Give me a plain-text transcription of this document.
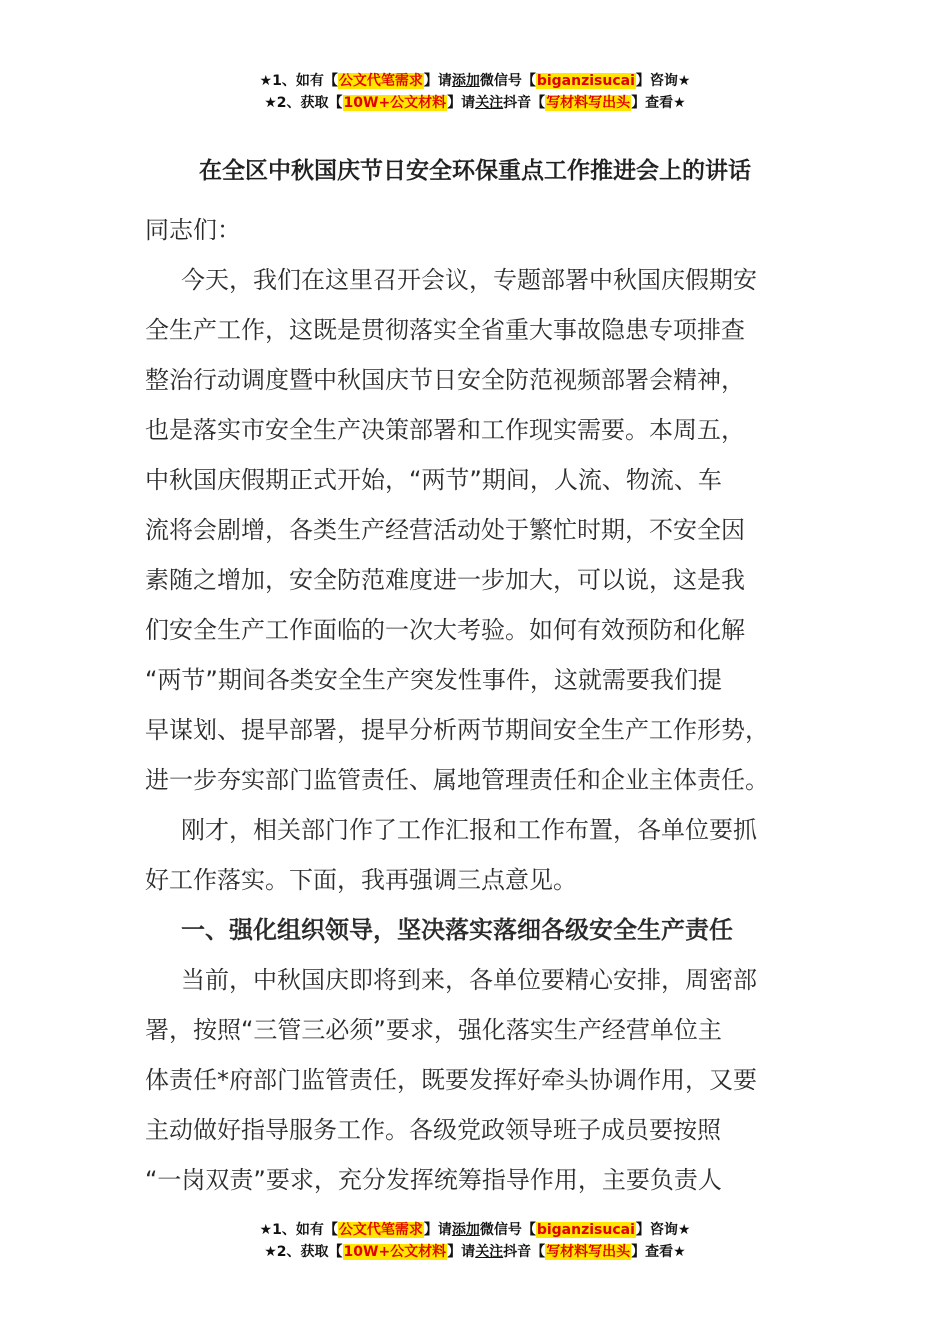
★1、如有【公文代笔需求】请添加微信号【biganzisucai】咨询★
★2、获取【10W+公文材料】请关注抖音【写材料写出头】查看★
在全区中秋国庆节日安全环保重点工作推进会上的讲话

同志们：

今天，我们在这里召开会议，专题部署中秋国庆假期安
全生产工作，这既是贯彻落实全省重大事故隐患专项排查
整治行动调度暨中秋国庆节日安全防范视频部署会精神，
也是落实市安全生产决策部署和工作现实需要。本周五，
中秋国庆假期正式开始，“两节”期间，人流、物流、车
流将会剧增，各类生产经营活动处于繁忙时期，不安全因
素随之增加，安全防范难度进一步加大，可以说，这是我
们安全生产工作面临的一次大考验。如何有效预防和化解
“两节”期间各类安全生产突发性事件，这就需要我们提
早谋划、提早部署，提早分析两节期间安全生产工作形势，
进一步夯实部门监管责任、属地管理责任和企业主体责任。

刚才，相关部门作了工作汇报和工作布置，各单位要抓
好工作落实。下面，我再强调三点意见。

一、强化组织领导，坚决落实落细各级安全生产责任

当前，中秋国庆即将到来，各单位要精心安排，周密部
署，按照“三管三必须”要求，强化落实生产经营单位主
体责任*府部门监管责任，既要发挥好牵头协调作用，又要
主动做好指导服务工作。各级党政领导班子成员要按照
“一岗双责”要求，充分发挥统筹指导作用，主要负责人

★1、如有【公文代笔需求】请添加微信号【biganzisucai】咨询★
★2、获取【10W+公文材料】请关注抖音【写材料写出头】查看★
